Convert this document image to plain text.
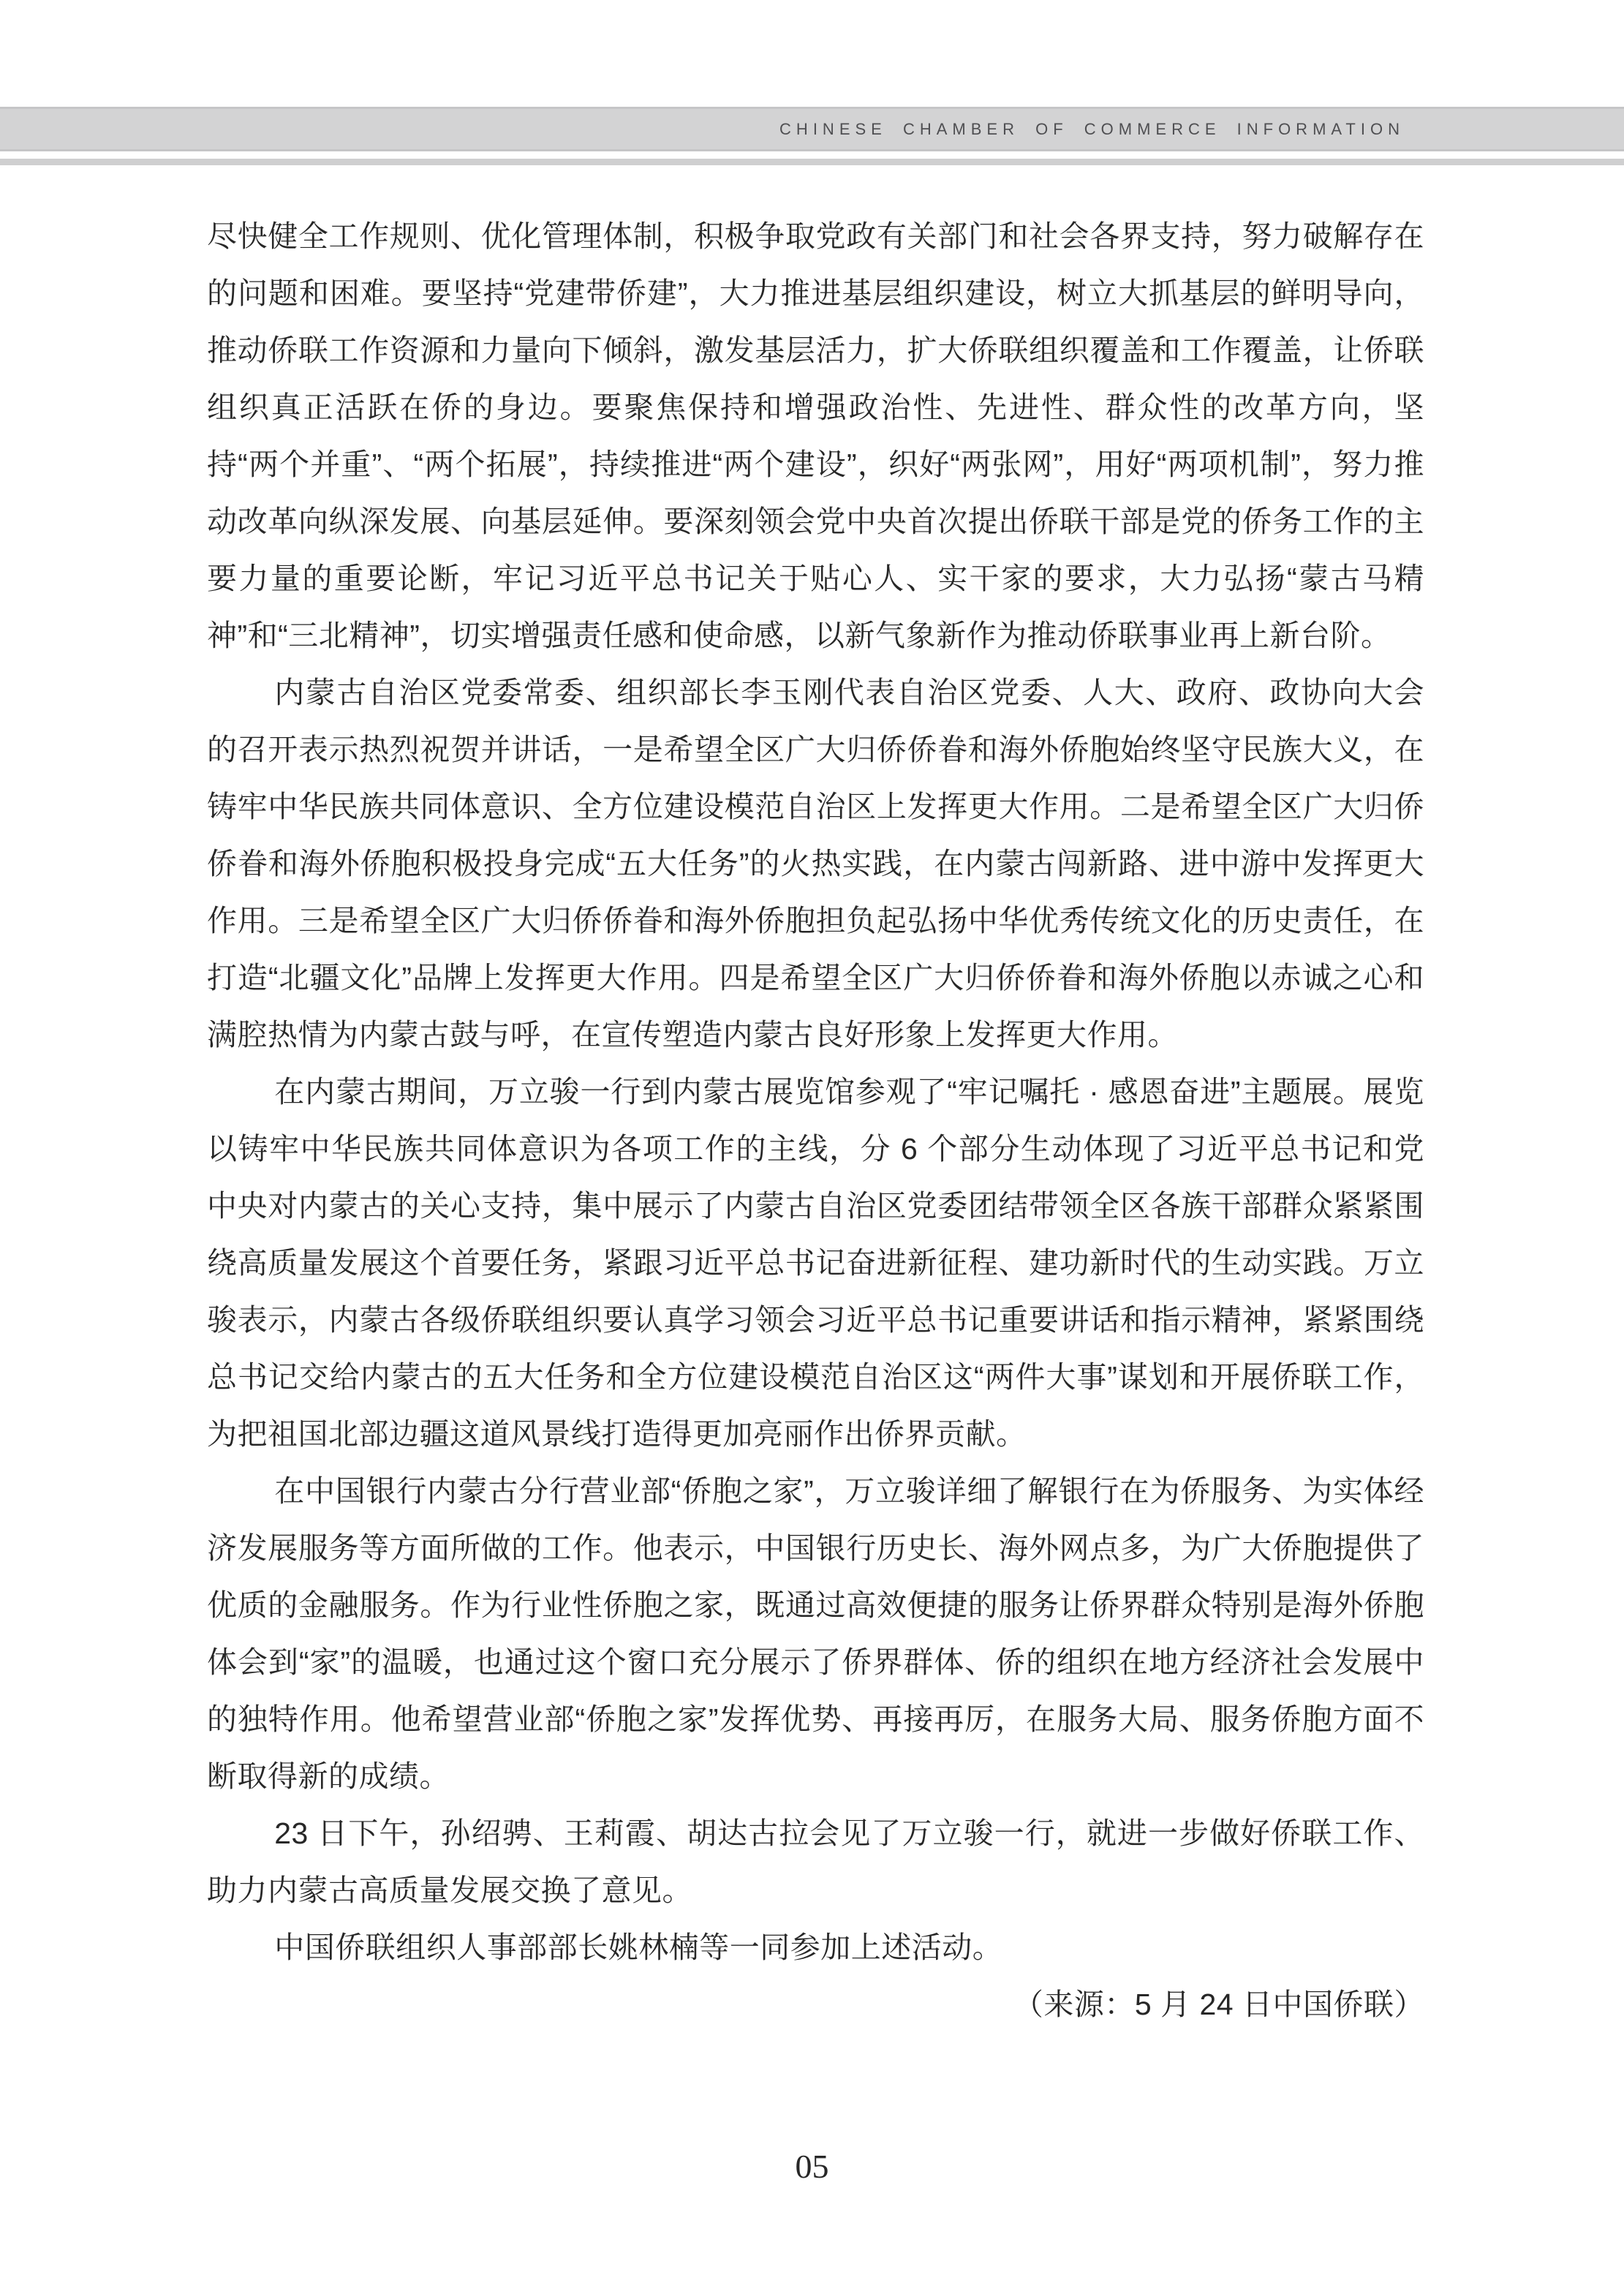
CHINESE CHAMBER OF COMMERCE INFORMATION

尽快健全工作规则、优化管理体制，积极争取党政有关部门和社会各界支持，努力破解存在的问题和困难。要坚持“党建带侨建”，大力推进基层组织建设，树立大抓基层的鲜明导向，推动侨联工作资源和力量向下倾斜，激发基层活力，扩大侨联组织覆盖和工作覆盖，让侨联组织真正活跃在侨的身边。要聚焦保持和增强政治性、先进性、群众性的改革方向，坚持“两个并重”、“两个拓展”，持续推进“两个建设”，织好“两张网”，用好“两项机制”，努力推动改革向纵深发展、向基层延伸。要深刻领会党中央首次提出侨联干部是党的侨务工作的主要力量的重要论断，牢记习近平总书记关于贴心人、实干家的要求，大力弘扬“蒙古马精神”和“三北精神”，切实增强责任感和使命感，以新气象新作为推动侨联事业再上新台阶。

内蒙古自治区党委常委、组织部长李玉刚代表自治区党委、人大、政府、政协向大会的召开表示热烈祝贺并讲话，一是希望全区广大归侨侨眷和海外侨胞始终坚守民族大义，在铸牢中华民族共同体意识、全方位建设模范自治区上发挥更大作用。二是希望全区广大归侨侨眷和海外侨胞积极投身完成“五大任务”的火热实践，在内蒙古闯新路、进中游中发挥更大作用。三是希望全区广大归侨侨眷和海外侨胞担负起弘扬中华优秀传统文化的历史责任，在打造“北疆文化”品牌上发挥更大作用。四是希望全区广大归侨侨眷和海外侨胞以赤诚之心和满腔热情为内蒙古鼓与呼，在宣传塑造内蒙古良好形象上发挥更大作用。

在内蒙古期间，万立骏一行到内蒙古展览馆参观了“牢记嘱托 · 感恩奋进”主题展。展览以铸牢中华民族共同体意识为各项工作的主线，分 6 个部分生动体现了习近平总书记和党中央对内蒙古的关心支持，集中展示了内蒙古自治区党委团结带领全区各族干部群众紧紧围绕高质量发展这个首要任务，紧跟习近平总书记奋进新征程、建功新时代的生动实践。万立骏表示，内蒙古各级侨联组织要认真学习领会习近平总书记重要讲话和指示精神，紧紧围绕总书记交给内蒙古的五大任务和全方位建设模范自治区这“两件大事”谋划和开展侨联工作，为把祖国北部边疆这道风景线打造得更加亮丽作出侨界贡献。

在中国银行内蒙古分行营业部“侨胞之家”，万立骏详细了解银行在为侨服务、为实体经济发展服务等方面所做的工作。他表示，中国银行历史长、海外网点多，为广大侨胞提供了优质的金融服务。作为行业性侨胞之家，既通过高效便捷的服务让侨界群众特别是海外侨胞体会到“家”的温暖，也通过这个窗口充分展示了侨界群体、侨的组织在地方经济社会发展中的独特作用。他希望营业部“侨胞之家”发挥优势、再接再厉，在服务大局、服务侨胞方面不断取得新的成绩。

23 日下午，孙绍骋、王莉霞、胡达古拉会见了万立骏一行，就进一步做好侨联工作、助力内蒙古高质量发展交换了意见。

中国侨联组织人事部部长姚林楠等一同参加上述活动。

（来源：5 月 24 日中国侨联）

05
